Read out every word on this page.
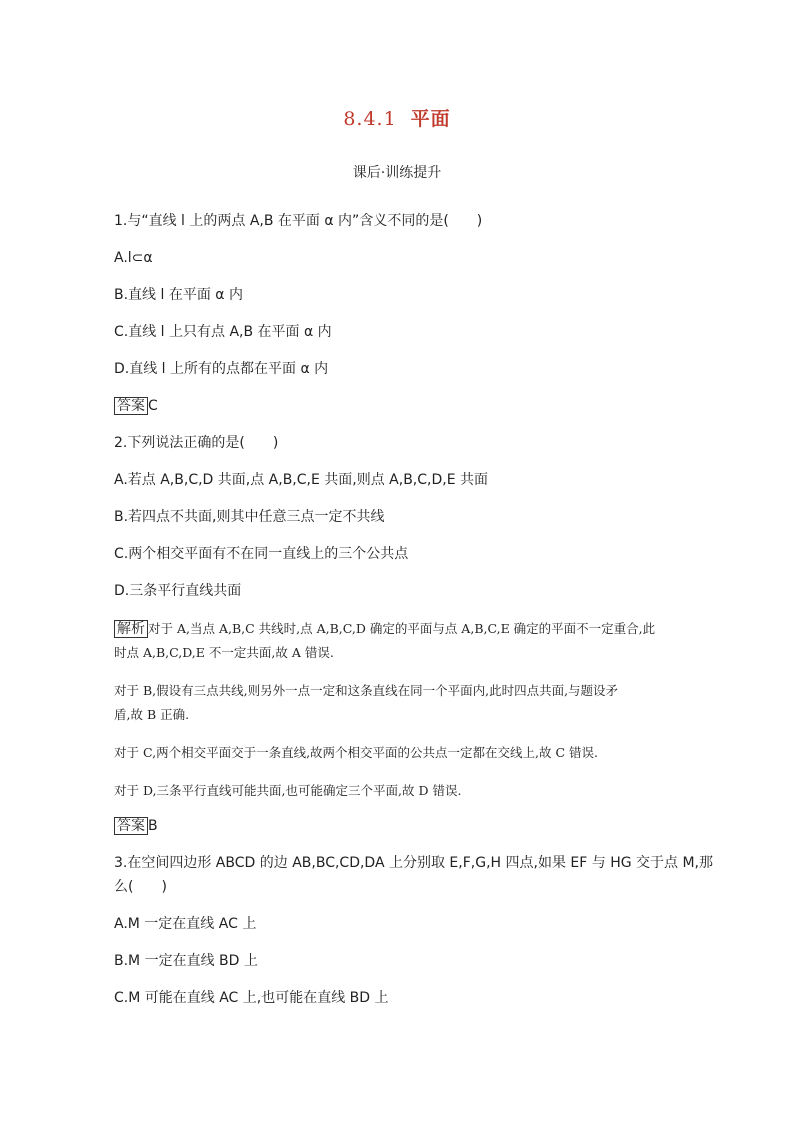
8.4.1 平面
课后·训练提升
1.与“直线 l 上的两点 A,B 在平面 α 内”含义不同的是(　　)
A.l⊂α
B.直线 l 在平面 α 内
C.直线 l 上只有点 A,B 在平面 α 内
D.直线 l 上所有的点都在平面 α 内
答案 C
2.下列说法正确的是(　　)
A.若点 A,B,C,D 共面,点 A,B,C,E 共面,则点 A,B,C,D,E 共面
B.若四点不共面,则其中任意三点一定不共线
C.两个相交平面有不在同一直线上的三个公共点
D.三条平行直线共面
解析 对于 A,当点 A,B,C 共线时,点 A,B,C,D 确定的平面与点 A,B,C,E 确定的平面不一定重合,此
时点 A,B,C,D,E 不一定共面,故 A 错误.
对于 B,假设有三点共线,则另外一点一定和这条直线在同一个平面内,此时四点共面,与题设矛
盾,故 B 正确.
对于 C,两个相交平面交于一条直线,故两个相交平面的公共点一定都在交线上,故 C 错误.
对于 D,三条平行直线可能共面,也可能确定三个平面,故 D 错误.
答案 B
3.在空间四边形 ABCD 的边 AB,BC,CD,DA 上分别取 E,F,G,H 四点,如果 EF 与 HG 交于点 M,那
么(　　)
A.M 一定在直线 AC 上
B.M 一定在直线 BD 上
C.M 可能在直线 AC 上,也可能在直线 BD 上
